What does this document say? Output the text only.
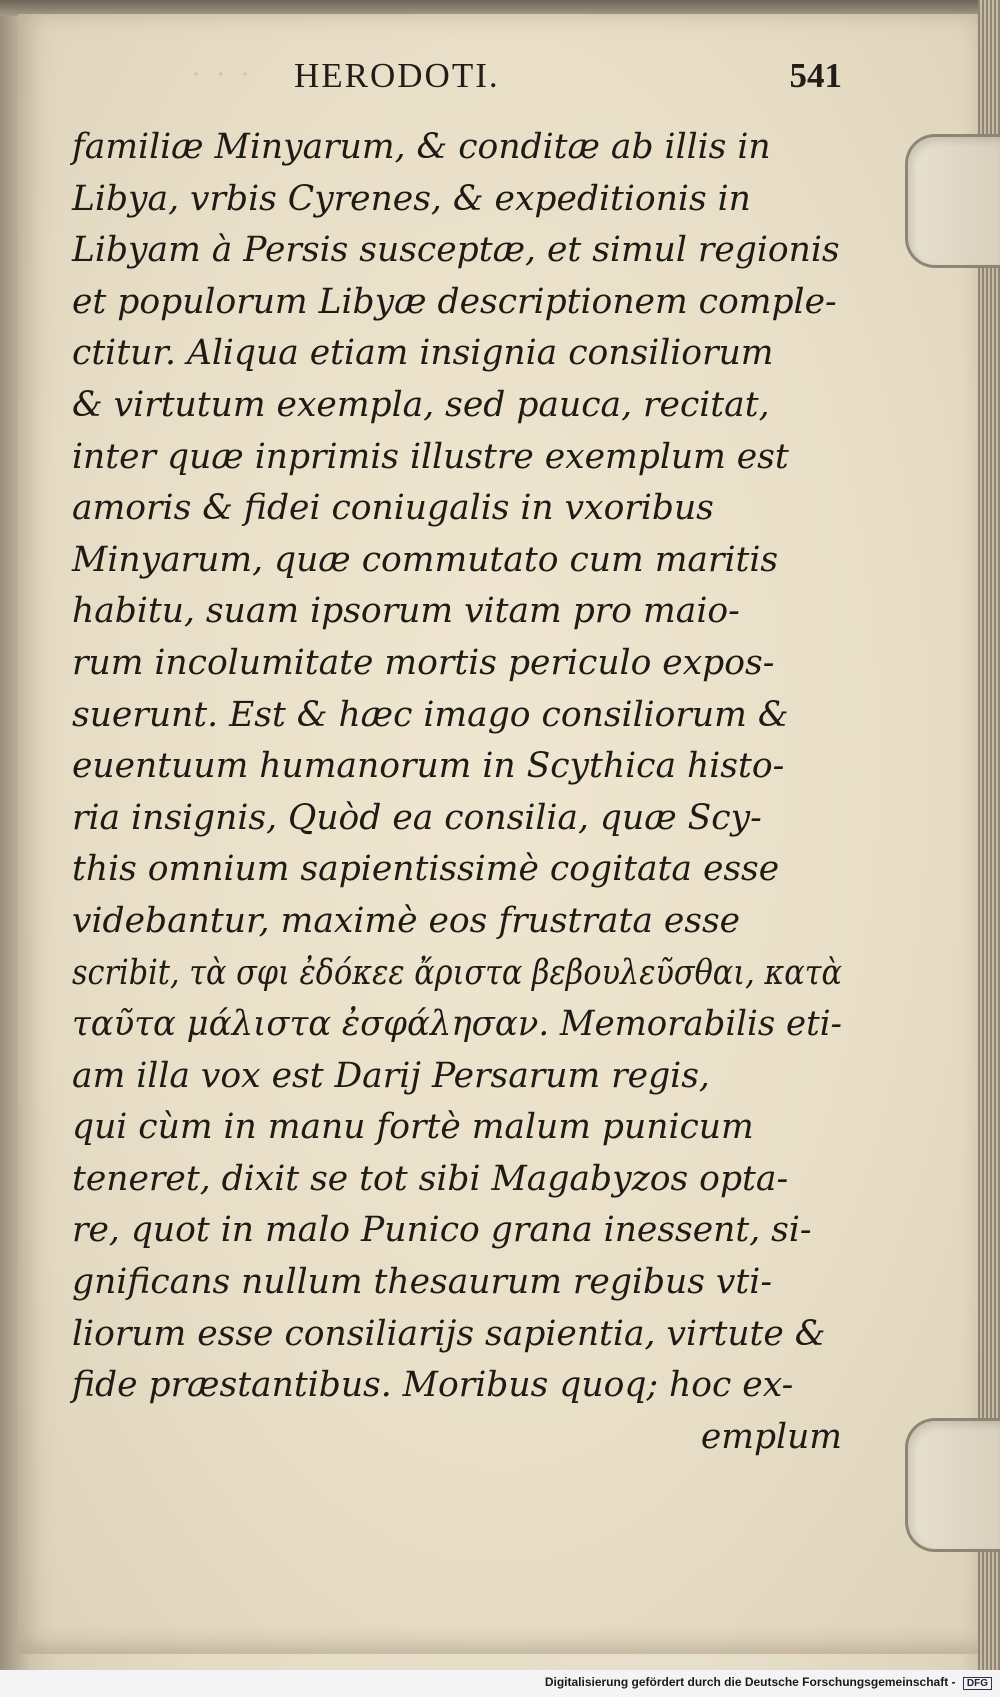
· · · HERODOTI.	541
familiæ Minyarum, & conditæ ab illis in
Libya, vrbis Cyrenes, & expeditionis in
Libyam à Persis susceptæ, et simul regionis
et populorum Libyæ descriptionem comple-
ctitur. Aliqua etiam insignia consiliorum
& virtutum exempla, sed pauca, recitat,
inter quæ inprimis illustre exemplum est
amoris & fidei coniugalis in vxoribus
Minyarum, quæ commutato cum maritis
habitu, suam ipsorum vitam pro maio-
rum incolumitate mortis periculo expos-
suerunt. Est & hæc imago consiliorum &
euentuum humanorum in Scythica histo-
ria insignis, Quòd ea consilia, quæ Scy-
this omnium sapientissimè cogitata esse
videbantur, maximè eos frustrata esse
scribit, τὰ σφι ἐδόκεε ἄριστα βεβουλεῦσθαι, κατὰ
ταῦτα μάλιστα ἐσφάλησαν. Memorabilis eti-
am illa vox est Darij Persarum regis,
qui cùm in manu fortè malum punicum
teneret, dixit se tot sibi Magabyzos opta-
re, quot in malo Punico grana inessent, si-
gnificans nullum thesaurum regibus vti-
liorum esse consiliarijs sapientia, virtute &
fide præstantibus. Moribus quoq; hoc ex-
emplum
Digitalisierung gefördert durch die Deutsche Forschungsgemeinschaft - DFG
